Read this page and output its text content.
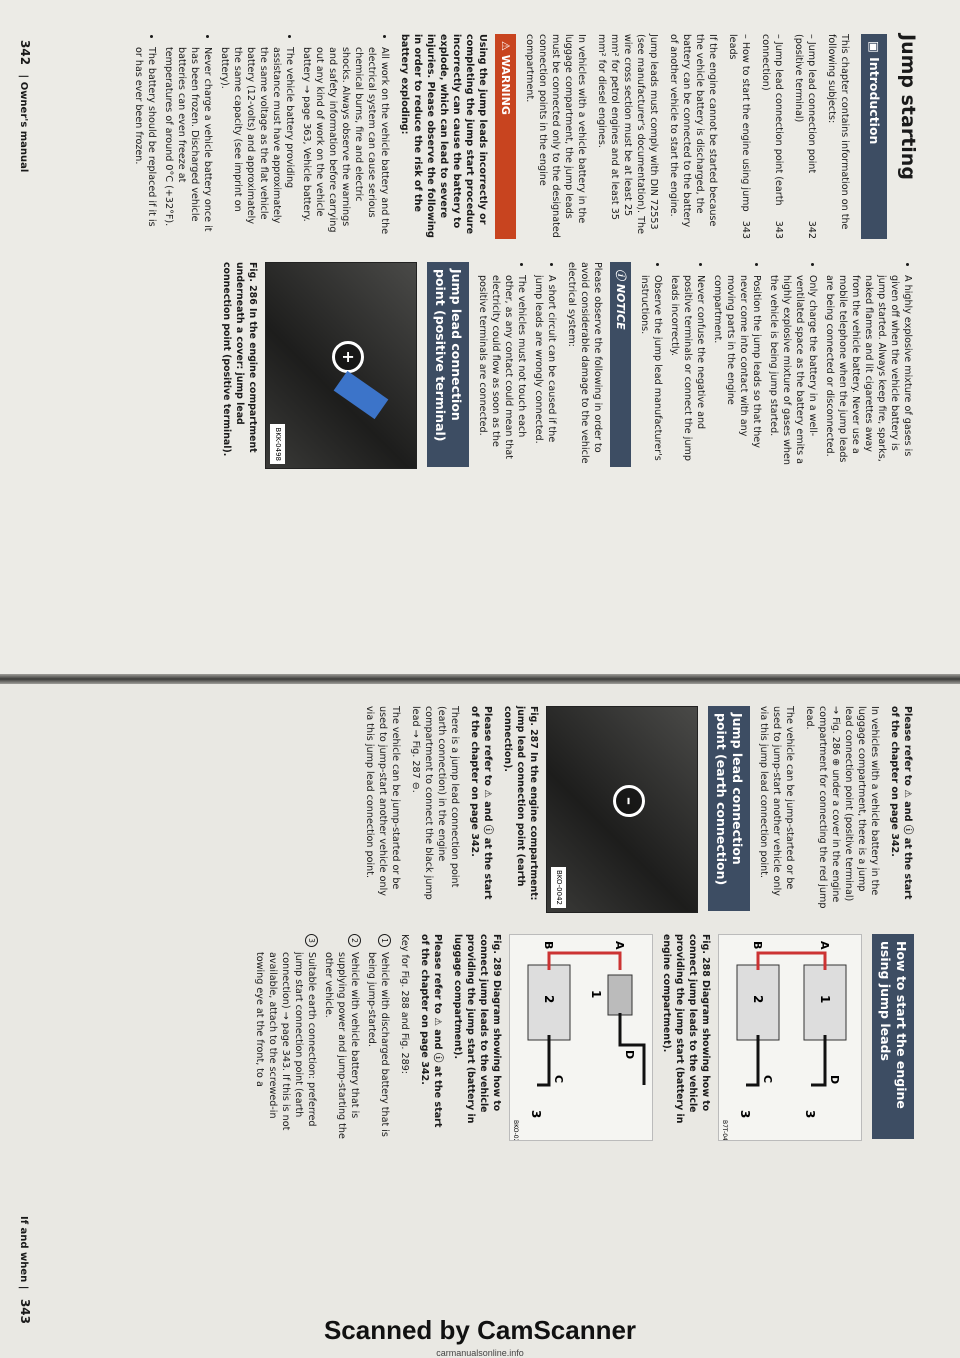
Jump starting
▣ Introduction

This chapter contains information on the following subjects:

– Jump lead connection point (positive terminal)
342

– Jump lead connection point (earth connection)
343

– How to start the engine using jump leads
343

If the engine cannot be started because the vehicle battery is discharged, the battery can be connected to the battery of another vehicle to start the engine.

Jump leads must comply with DIN 72553 (see manufacturer's documentation). The wire cross section must be at least 25 mm² for petrol engines and at least 35 mm² for diesel engines.

In vehicles with a vehicle battery in the luggage compartment, the jump leads must be connected only to the designated connection points in the engine compartment.

⚠ WARNING

Using the jump leads incorrectly or completing the jump start procedure incorrectly can cause the battery to explode, which can lead to severe injuries. Please observe the following in order to reduce the risk of the battery exploding:

• All work on the vehicle battery and the electrical system can cause serious chemical burns, fire and electric shocks. Always observe the warnings and safety information before carrying out any kind of work on the vehicle battery → page 363, Vehicle battery.
• The vehicle battery providing assistance must have approximately the same voltage as the flat vehicle battery (12-volts) and approximately the same capacity (see imprint on battery).
• Never charge a vehicle battery once it has been frozen. Discharged vehicle batteries can even freeze at temperatures of around 0°C (+32°F).
• The battery should be replaced if it is or has ever been frozen.
• A highly explosive mixture of gases is given off when the vehicle battery is jump started. Always keep fire, sparks, naked flames and lit cigarettes away from the vehicle battery. Never use a mobile telephone when the jump leads are being connected or disconnected.
• Only charge the battery in a well-ventilated space as the battery emits a highly explosive mixture of gases when the vehicle is being jump started.
• Position the jump leads so that they never come into contact with any moving parts in the engine compartment.
• Never confuse the negative and positive terminals or connect the jump leads incorrectly.
• Observe the jump lead manufacturer's instructions.
ⓘ NOTICE

Please observe the following in order to avoid considerable damage to the vehicle electrical system:

• A short circuit can be caused if the jump leads are wrongly connected.
• The vehicles must not touch each other, as any contact could mean that electricity could flow as soon as the positive terminals are connected.
Jump lead connection point (positive terminal)
+
BKK-0498

Fig. 286 In the engine compartment underneath a cover: jump lead connection point (positive terminal).

342 | Owner's manual

Please refer to ⚠ and ⓘ at the start of the chapter on page 342.

In vehicles with a vehicle battery in the luggage compartment, there is a jump lead connection point (positive terminal) → Fig. 286 ⊕ under a cover in the engine compartment for connecting the red jump lead.

The vehicle can be jump-started or be used to jump-start another vehicle only via this jump lead connection point.

Jump lead connection point (earth connection)
–
BKO-0042

Fig. 287 In the engine compartment: jump lead connection point (earth connection).

Please refer to ⚠ and ⓘ at the start of the chapter on page 342.

There is a jump lead connection point (earth connection) in the engine compartment to connect the black jump lead → Fig. 287 ⊖.

The vehicle can be jump-started or be used to jump-start another vehicle only via this jump lead connection point.

How to start the engine using jump leads
A
B
1
2
D
C
3
3
B7T-0416

Fig. 288 Diagram showing how to connect jump leads to the vehicle providing the jump start (battery in engine compartment).

A
B
1
2
D
C
3
BKO-0277

Fig. 289 Diagram showing how to connect jump leads to the vehicle providing the jump start (battery in luggage compartment).

Please refer to ⚠ and ⓘ at the start of the chapter on page 342.

Key for Fig. 288 and Fig. 289:

1
Vehicle with discharged battery that is being jump-started.
2
Vehicle with vehicle battery that is supplying power and jump-starting the other vehicle.
3
Suitable earth connection: preferred jump start connection point (earth connection) → page 343. If this is not available, attach to the screwed-in towing eye at the front, to a
If and when | 343
Scanned by CamScanner
carmanualsonline.info
